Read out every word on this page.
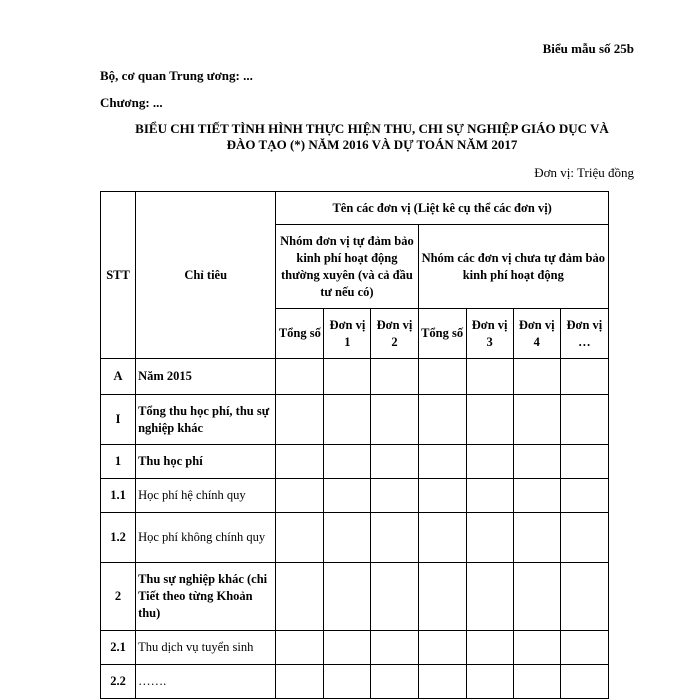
Biểu mẫu số 25b
Bộ, cơ quan Trung ương: ...
Chương: ...
BIỂU CHI TIẾT TÌNH HÌNH THỰC HIỆN THU, CHI SỰ NGHIỆP GIÁO DỤC VÀ
ĐÀO TẠO (*) NĂM 2016 VÀ DỰ TOÁN NĂM 2017
Đơn vị: Triệu đồng
STT	Chỉ tiêu	Tên các đơn vị (Liệt kê cụ thể các đơn vị)						
		Nhóm đơn vị tự đảm bảo kinh phí hoạt động thường xuyên (và cả đầu tư nếu có)			Nhóm các đơn vị chưa tự đảm bảo kinh phí hoạt động			
		Tổng số	Đơn vị 1	Đơn vị 2	Tổng số	Đơn vị 3	Đơn vị 4	Đơn vị …
A	Năm 2015							
I	Tổng thu học phí, thu sự nghiệp khác							
1	Thu học phí							
1.1	Học phí hệ chính quy							
1.2	Học phí không chính quy							
2	Thu sự nghiệp khác (chi Tiết theo từng Khoản thu)							
2.1	Thu dịch vụ tuyển sinh							
2.2	…….							
